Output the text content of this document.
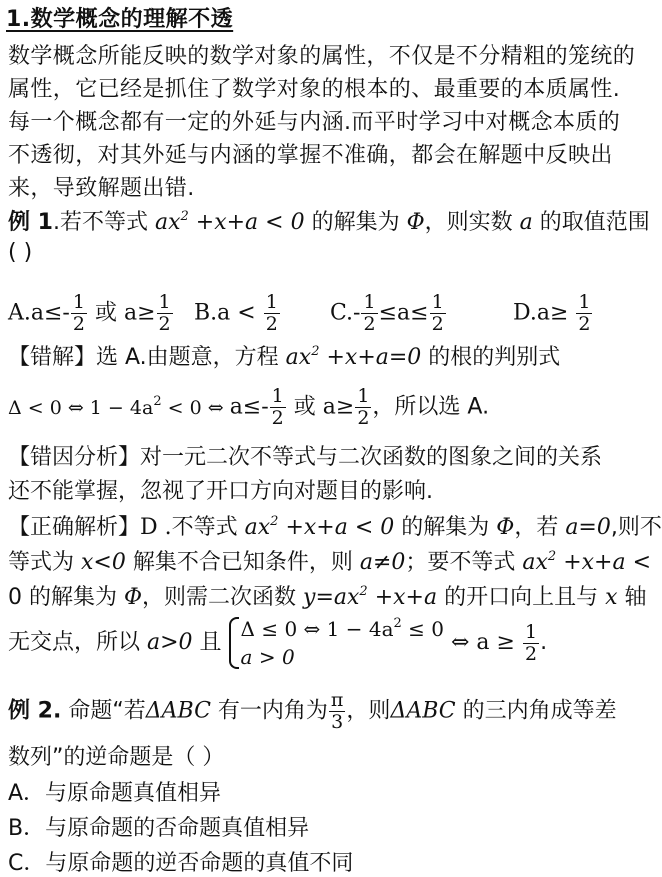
1.数学概念的理解不透
数学概念所能反映的数学对象的属性，不仅是不分精粗的笼统的属性，它已经是抓住了数学对象的根本的、最重要的本质属性.每一个概念都有一定的外延与内涵.而平时学习中对概念本质的不透彻，对其外延与内涵的掌握不准确，都会在解题中反映出来，导致解题出错.
例 1.若不等式 $ax^2 +x+a < 0$ 的解集为 Φ，则实数 a 的取值范围
( )
$A.a\le- \frac{1}{2}$ 或 $a\ge \frac{1}{2} B.a < \frac{1}{2} C.- \frac{1}{2} \le a\le \frac{1}{2}$	$D.a\ge \frac{1}{2}$
【错解】选 A.由题意，方程 $ax^2 +x+a=0$ 的根的判别式
Δ < 0 ⇔ $1 - 4a^2 < 0$ ⇔ $a\le- \frac{1}{2}$ 或 $a\ge \frac{1}{2}$ ，所以选 A.
【错因分析】对一元二次不等式与二次函数的图象之间的关系
还不能掌握，忽视了开口方向对题目的影响.
【正确解析】D .不等式 $ax^2 +x+a < 0$ 的解集为 Φ，若 a=0,则不
等式为 x<0 解集不合已知条件，则 a≠0；要不等式 $ax^2 +x+a$ <
0 的解集为 Φ，则需二次函数 $y=ax^2 +x+a$ 的开口向上且与 x 轴
无交点，所以 a>0 且
Δ ≤ 0 ⇔ $1 - 4a^2 \le 0$
a > 0
⇔ $a \ge \frac{1}{2}$ .
例 2. 命题“若ΔABC 有一内角为 $\frac{\pi}{3}$ ，则ΔABC 的三内角成等差
数列”的逆命题是（ ）
A．与原命题真值相异
B．与原命题的否命题真值相异
C．与原命题的逆否命题的真值不同
